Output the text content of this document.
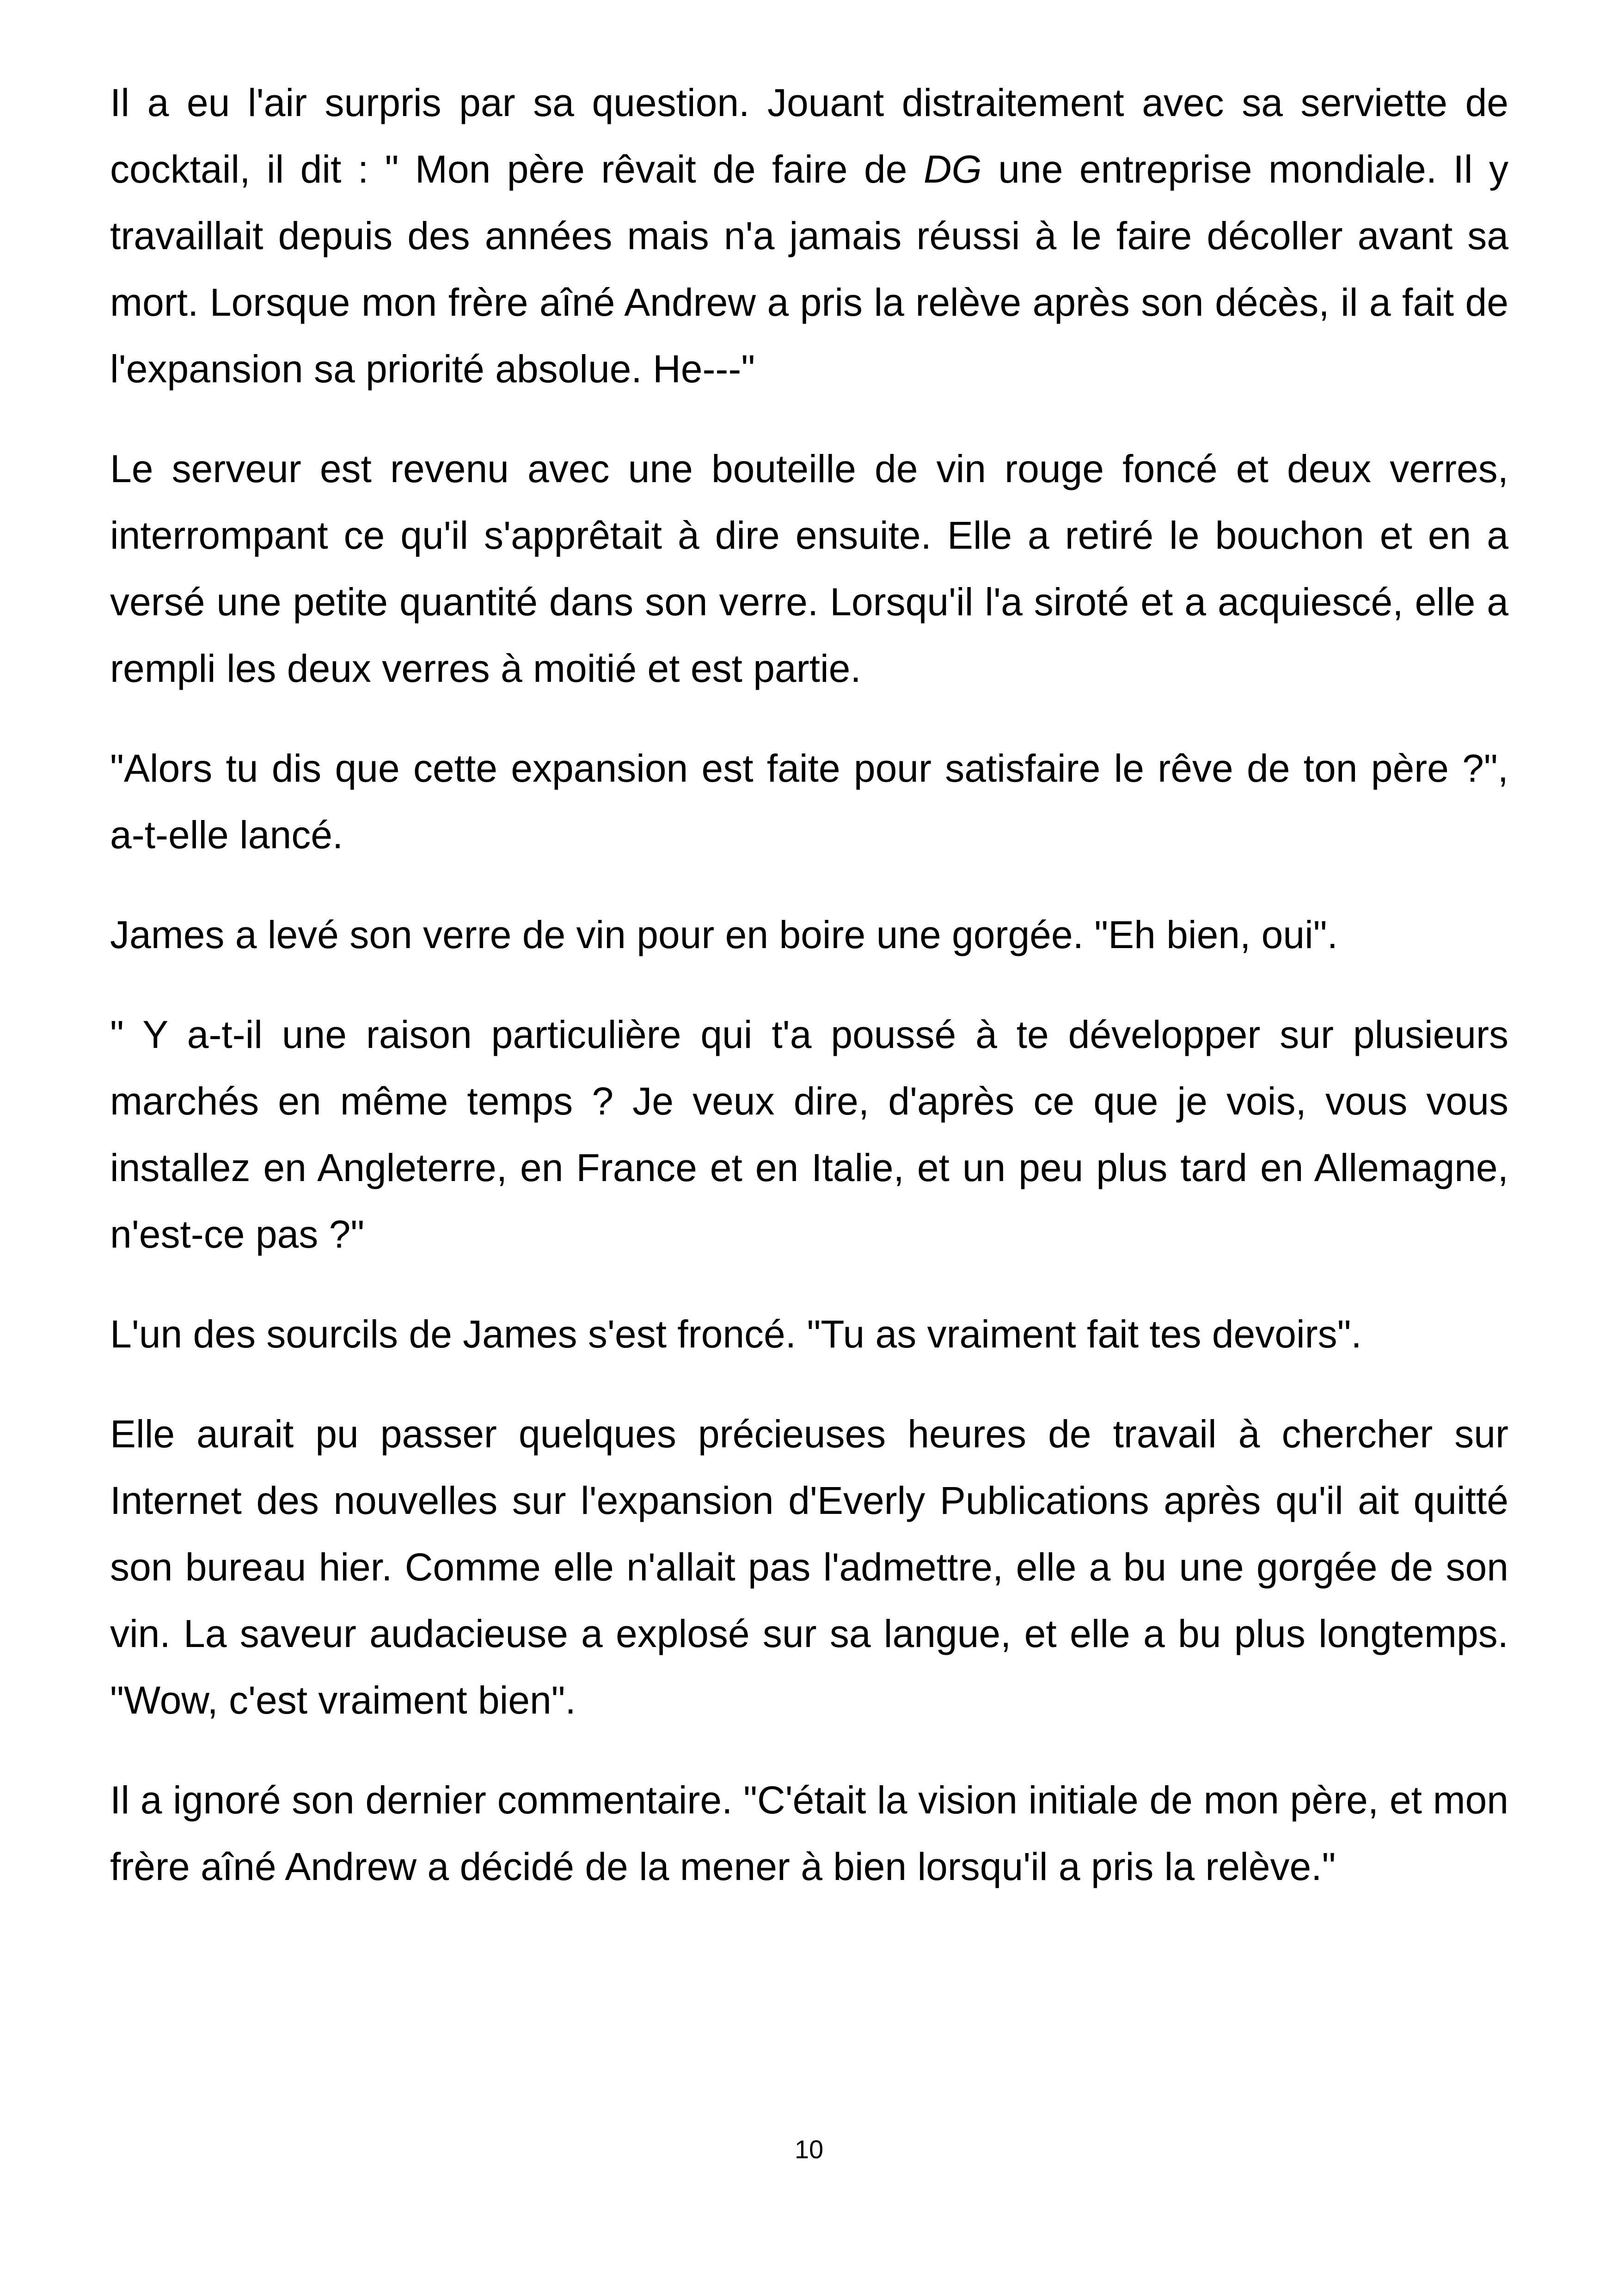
Il a eu l'air surpris par sa question. Jouant distraitement avec sa serviette de cocktail, il dit : " Mon père rêvait de faire de DG une entreprise mondiale. Il y travaillait depuis des années mais n'a jamais réussi à le faire décoller avant sa mort. Lorsque mon frère aîné Andrew a pris la relève après son décès, il a fait de l'expansion sa priorité absolue. He---"

Le serveur est revenu avec une bouteille de vin rouge foncé et deux verres, interrompant ce qu'il s'apprêtait à dire ensuite. Elle a retiré le bouchon et en a versé une petite quantité dans son verre. Lorsqu'il l'a siroté et a acquiescé, elle a rempli les deux verres à moitié et est partie.

"Alors tu dis que cette expansion est faite pour satisfaire le rêve de ton père ?", a-t-elle lancé.

James a levé son verre de vin pour en boire une gorgée. "Eh bien, oui".

" Y a-t-il une raison particulière qui t'a poussé à te développer sur plusieurs marchés en même temps ? Je veux dire, d'après ce que je vois, vous vous installez en Angleterre, en France et en Italie, et un peu plus tard en Allemagne, n'est-ce pas ?"

L'un des sourcils de James s'est froncé. "Tu as vraiment fait tes devoirs".

Elle aurait pu passer quelques précieuses heures de travail à chercher sur Internet des nouvelles sur l'expansion d'Everly Publications après qu'il ait quitté son bureau hier. Comme elle n'allait pas l'admettre, elle a bu une gorgée de son vin. La saveur audacieuse a explosé sur sa langue, et elle a bu plus longtemps. "Wow, c'est vraiment bien".

Il a ignoré son dernier commentaire. "C'était la vision initiale de mon père, et mon frère aîné Andrew a décidé de la mener à bien lorsqu'il a pris la relève."

10
